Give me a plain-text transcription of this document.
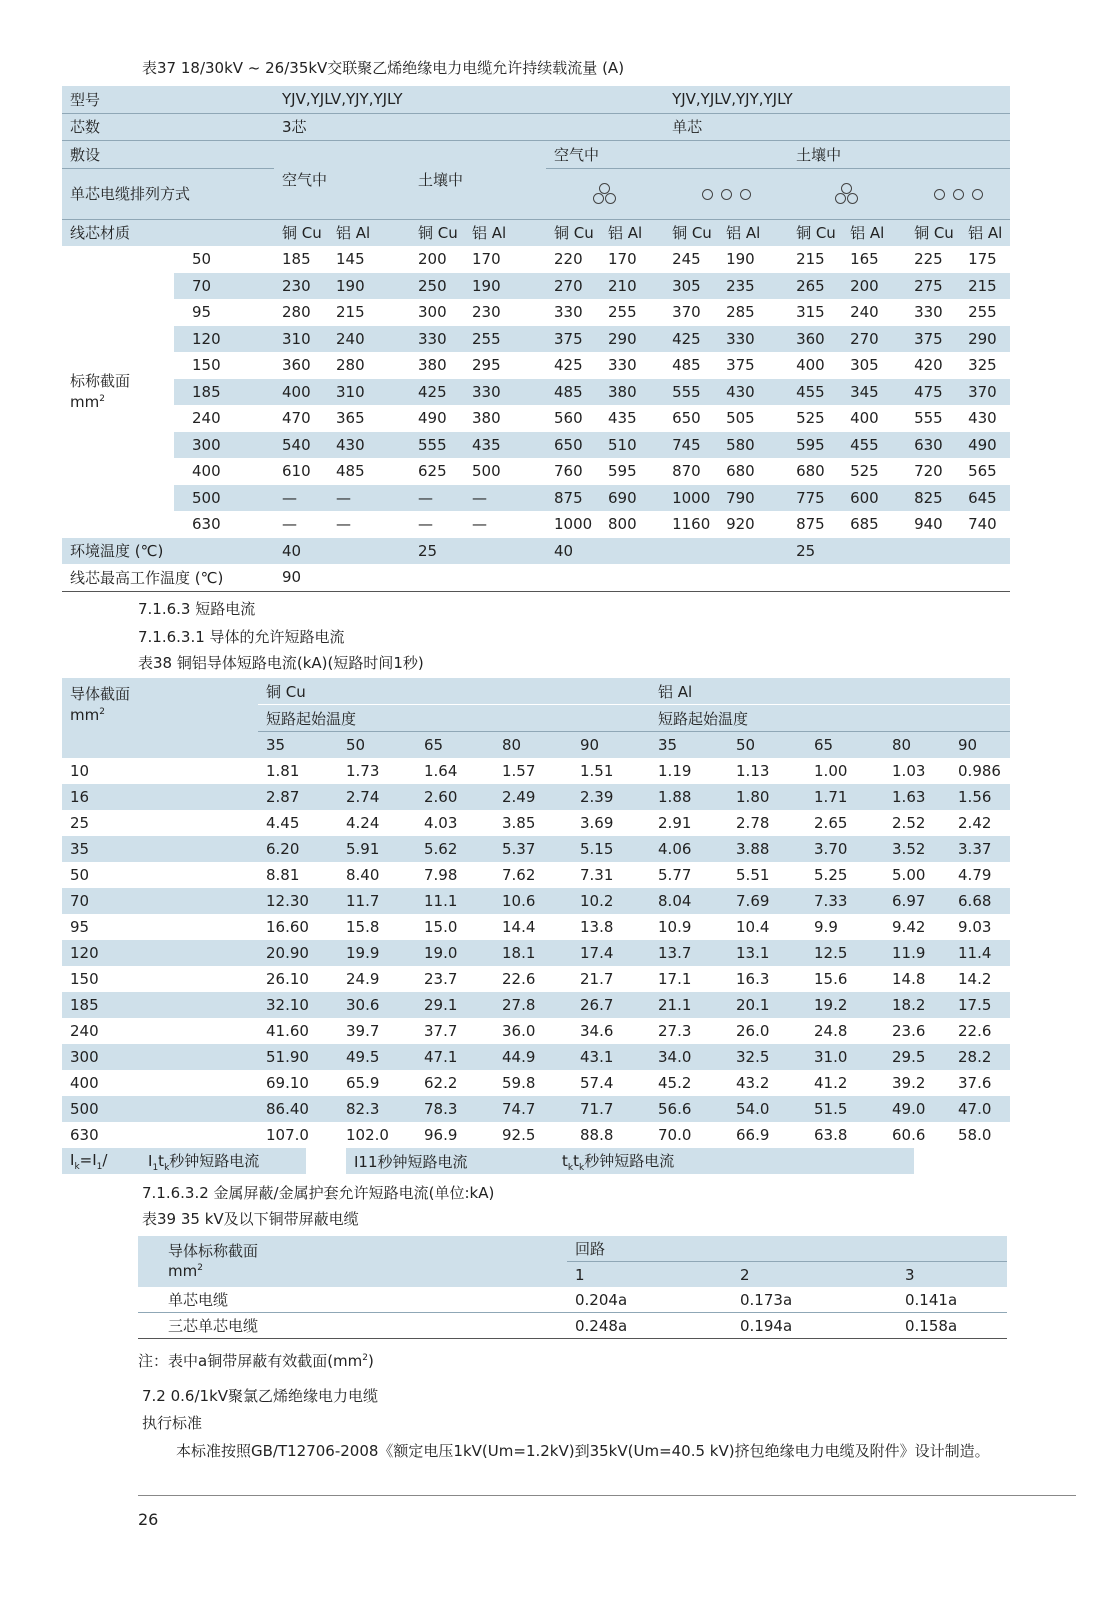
表37 18/30kV ~ 26/35kV交联聚乙烯绝缘电力电缆允许持续载流量 (A)
型号		YJV,YJLV,YJY,YJLY						YJV,YJLV,YJY,YJLY					
芯数		3芯						单芯					
敷设		空气中		土壤中		空气中				土壤中			
单芯电缆排列方式										

线芯材质		铜 Cu	铝 Al	铜 Cu	铝 Al	铜 Cu	铝 Al	铜 Cu	铝 Al	铜 Cu	铝 Al	铜 Cu	铝 Al

标称截面
$mm^2$	50	185	145	200	170	220	170	245	190	215	165	225	175
	70	230	190	250	190	270	210	305	235	265	200	275	215
	95	280	215	300	230	330	255	370	285	315	240	330	255
	120	310	240	330	255	375	290	425	330	360	270	375	290
	150	360	280	380	295	425	330	485	375	400	305	420	325
	185	400	310	425	330	485	380	555	430	455	345	475	370
	240	470	365	490	380	560	435	650	505	525	400	555	430
	300	540	430	555	435	650	510	745	580	595	455	630	490
	400	610	485	625	500	760	595	870	680	680	525	720	565
	500	—	—	—	—	875	690	1000	790	775	600	825	645
	630	—	—	—	—	1000	800	1160	920	875	685	940	740
环境温度 (℃)		40		25		40				25			
线芯最高工作温度 (℃)		90											
7.1.6.3 短路电流
7.1.6.3.1 导体的允许短路电流
表38 铜铝导体短路电流(kA)(短路时间1秒)
导体截面
$mm^2$	铜 Cu	铝 Al
短路起始温度	短路起始温度
	35	50	65	80	90	35	50	65	80	90
10	1.81	1.73	1.64	1.57	1.51	1.19	1.13	1.00	1.03	0.986
16	2.87	2.74	2.60	2.49	2.39	1.88	1.80	1.71	1.63	1.56
25	4.45	4.24	4.03	3.85	3.69	2.91	2.78	2.65	2.52	2.42
35	6.20	5.91	5.62	5.37	5.15	4.06	3.88	3.70	3.52	3.37
50	8.81	8.40	7.98	7.62	7.31	5.77	5.51	5.25	5.00	4.79
70	12.30	11.7	11.1	10.6	10.2	8.04	7.69	7.33	6.97	6.68
95	16.60	15.8	15.0	14.4	13.8	10.9	10.4	9.9	9.42	9.03
120	20.90	19.9	19.0	18.1	17.4	13.7	13.1	12.5	11.9	11.4
150	26.10	24.9	23.7	22.6	21.7	17.1	16.3	15.6	14.8	14.2
185	32.10	30.6	29.1	27.8	26.7	21.1	20.1	19.2	18.2	17.5
240	41.60	39.7	37.7	36.0	34.6	27.3	26.0	24.8	23.6	22.6
300	51.90	49.5	47.1	44.9	43.1	34.0	32.5	31.0	29.5	28.2
400	69.10	65.9	62.2	59.8	57.4	45.2	43.2	41.2	39.2	37.6
500	86.40	82.3	78.3	74.7	71.7	56.6	54.0	51.5	49.0	47.0
630	107.0	102.0	96.9	92.5	88.8	70.0	66.9	63.8	60.6	58.0
$I_k=I_1/$	$I_1t_k$秒钟短路电流	I11秒钟短路电流	$t_kt_k$秒钟短路电流
7.1.6.3.2 金属屏蔽/金属护套允许短路电流(单位:kA)
表39 35 kV及以下铜带屏蔽电缆
导体标称截面
$mm^2$	回路		
	1	2	3
单芯电缆	0.204a	0.173a	0.141a
三芯单芯电缆	0.248a	0.194a	0.158a
注：表中a铜带屏蔽有效截面$(mm^2)$
7.2 0.6/1kV聚氯乙烯绝缘电力电缆
执行标准
本标准按照GB/T12706-2008《额定电压1kV(Um=1.2kV)到35kV(Um=40.5 kV)挤包绝缘电力电缆及附件》设计制造。
26
